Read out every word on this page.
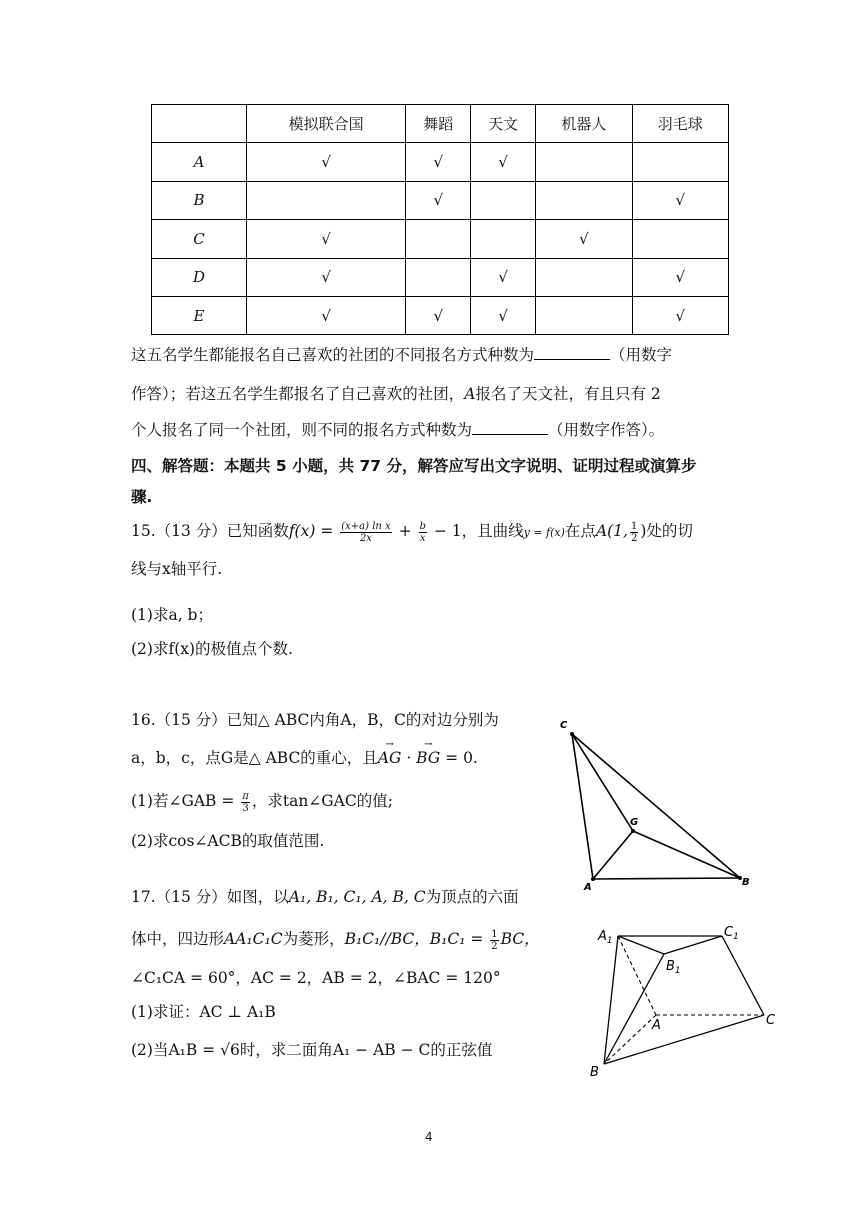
	模拟联合国	舞蹈	天文	机器人	羽毛球
A	√	√	√		
B		√			√
C	√			√	
D	√		√		√
E	√	√	√		√
这五名学生都能报名自己喜欢的社团的不同报名方式种数为	（用数字
作答）；若这五名学生都报名了自己喜欢的社团，A报名了天文社，有且只有 2
个人报名了同一个社团，则不同的报名方式种数为	（用数字作答）。
四、解答题：本题共 5 小题，共 77 分，解答应写出文字说明、证明过程或演算步
骤.
15.（13 分）已知函数$f(x) = \frac{\text{(x+a) ln x}}{2x} + \frac{b}{x} - 1$，且曲线y = f(x)在点A(1, $\frac{1}{2}$ )处的切
线与x轴平行.
(1)求a, b；
(2)求f(x)的极值点个数.
16.（15 分）已知△ ABC内角A，B，C的对边分别为
a，b，c，点G是△ ABC的重心，且→ AG · → BG = 0.
(1)若∠GAB = $\frac{\pi}{3}$ ，求tan∠GAC的值;
(2)求cos∠ACB的取值范围.
17.（15 分）如图，以A₁, B₁, C₁, A, B, C为顶点的六面
体中，四边形AA₁C₁C为菱形，B₁C₁//BC，$B_1C_1 = \frac{1}{2}$ BC，
∠C₁CA = 60°，AC = 2，AB = 2，∠BAC = 120°
(1)求证：AC ⊥ A₁B
(2)当A₁B = √6时，求二面角A₁ − AB − C的正弦值
C
G
A	B
$A_1$
$B_1$
$C_1$
A	C
B
4
